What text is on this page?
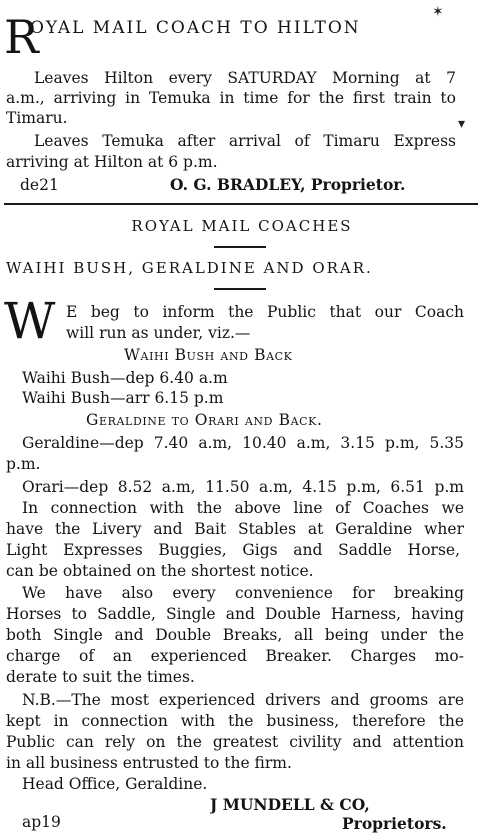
R
OYAL MAIL COACH TO HILTON
✶
Leaves Hilton every SATURDAY Morning at 7
a.m., arriving in Temuka in time for the first train to
Timaru.	▾
Leaves Temuka after arrival of Timaru Express
arriving at Hilton at 6 p.m.
de21	O. G. BRADLEY, Proprietor.
ROYAL MAIL COACHES
WAIHI BUSH, GERALDINE AND ORAR.
W E beg to inform the Public that our Coach
will run as under, viz.—
Waihi Bush and Back
Waihi Bush—dep 6.40 a.m
Waihi Bush—arr 6.15 p.m
Geraldine to Orari and Back.
Geraldine—dep 7.40 a.m, 10.40 a.m, 3.15 p.m, 5.35
p.m.
Orari—dep 8.52 a.m, 11.50 a.m, 4.15 p.m, 6.51 p.m
In connection with the above line of Coaches we
have the Livery and Bait Stables at Geraldine wher
Light Expresses Buggies, Gigs and Saddle Horse,
can be obtained on the shortest notice.
We have also every convenience for breaking
Horses to Saddle, Single and Double Harness, having
both Single and Double Breaks, all being under the
charge of an experienced Breaker. Charges mo-
derate to suit the times.
N.B.—The most experienced drivers and grooms are
kept in connection with the business, therefore the
Public can rely on the greatest civility and attention
in all business entrusted to the firm.
Head Office, Geraldine.
J MUNDELL & CO,
ap19	Proprietors.
